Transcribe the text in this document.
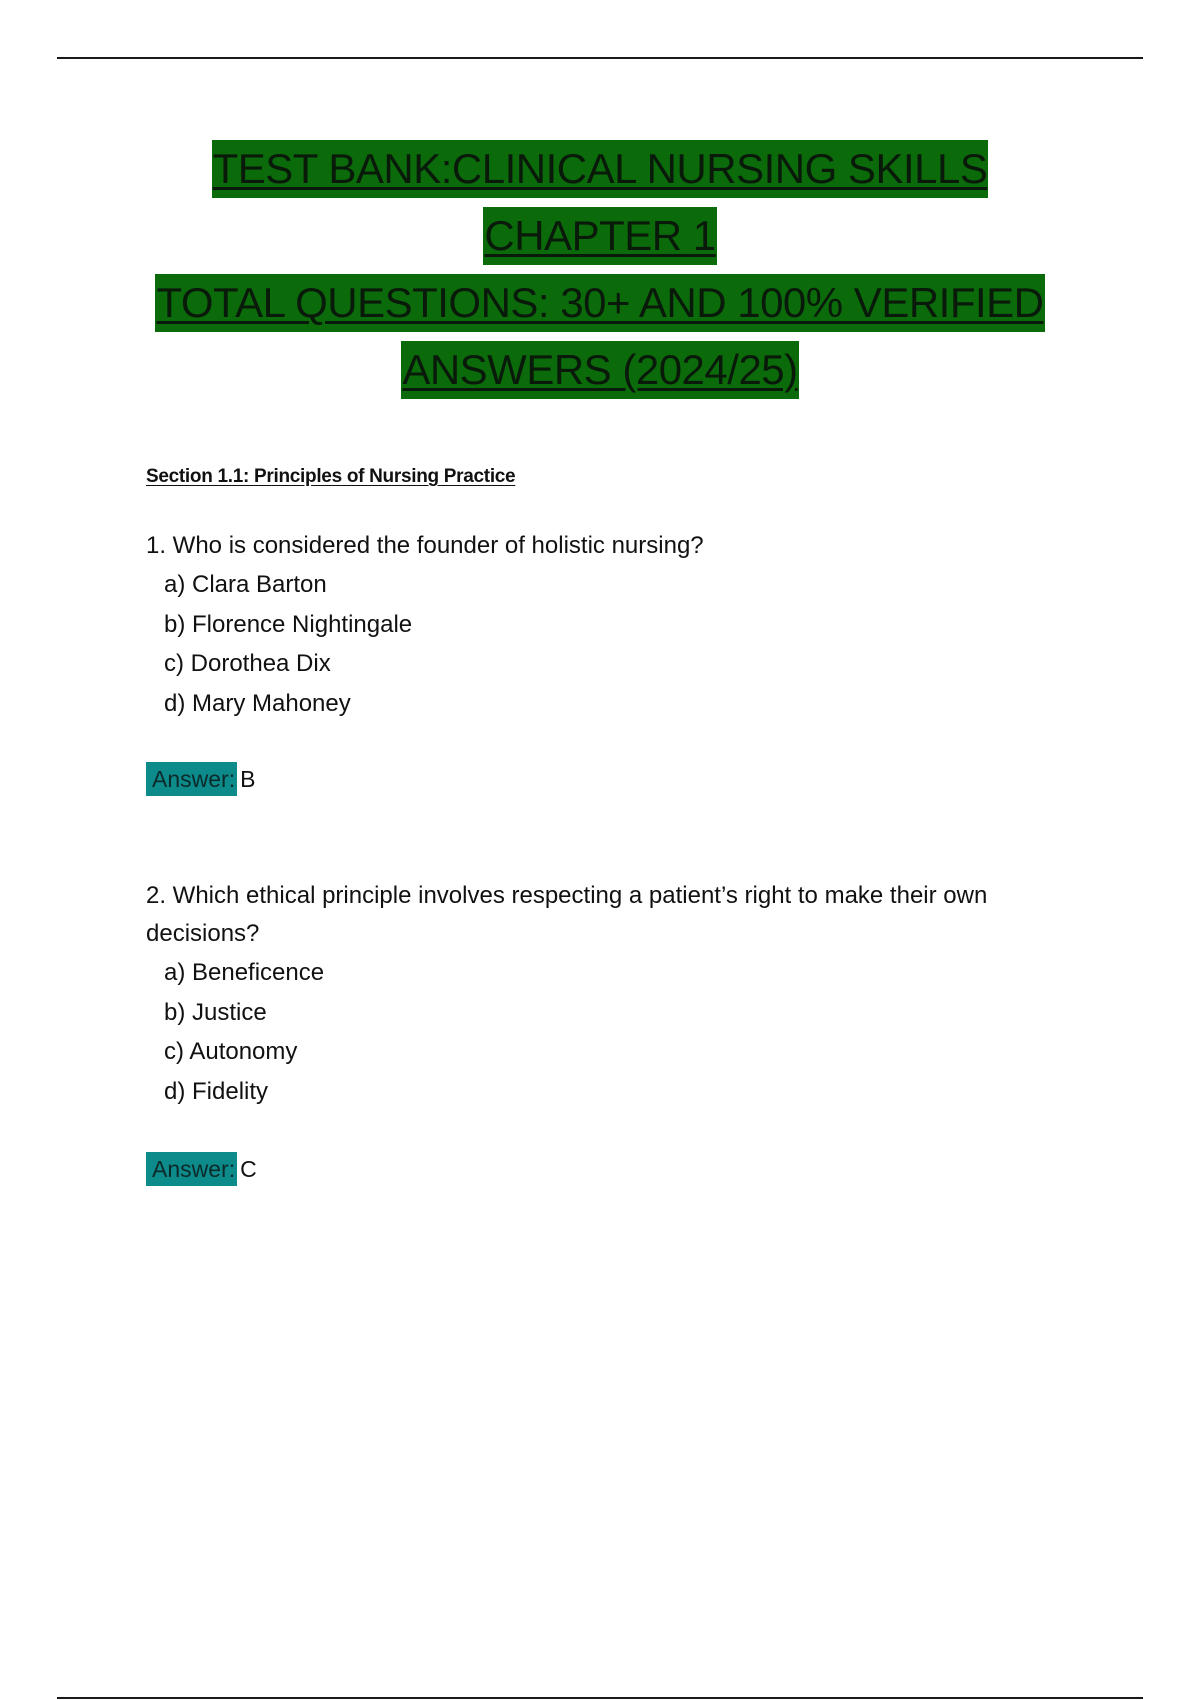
TEST BANK:CLINICAL NURSING SKILLS
CHAPTER 1
TOTAL QUESTIONS: 30+ AND 100% VERIFIED
ANSWERS (2024/25)
Section 1.1: Principles of Nursing Practice
1. Who is considered the founder of holistic nursing?
a) Clara Barton
b) Florence Nightingale
c) Dorothea Dix
d) Mary Mahoney
Answer: B
2. Which ethical principle involves respecting a patient’s right to make their own decisions?
a) Beneficence
b) Justice
c) Autonomy
d) Fidelity
Answer: C
